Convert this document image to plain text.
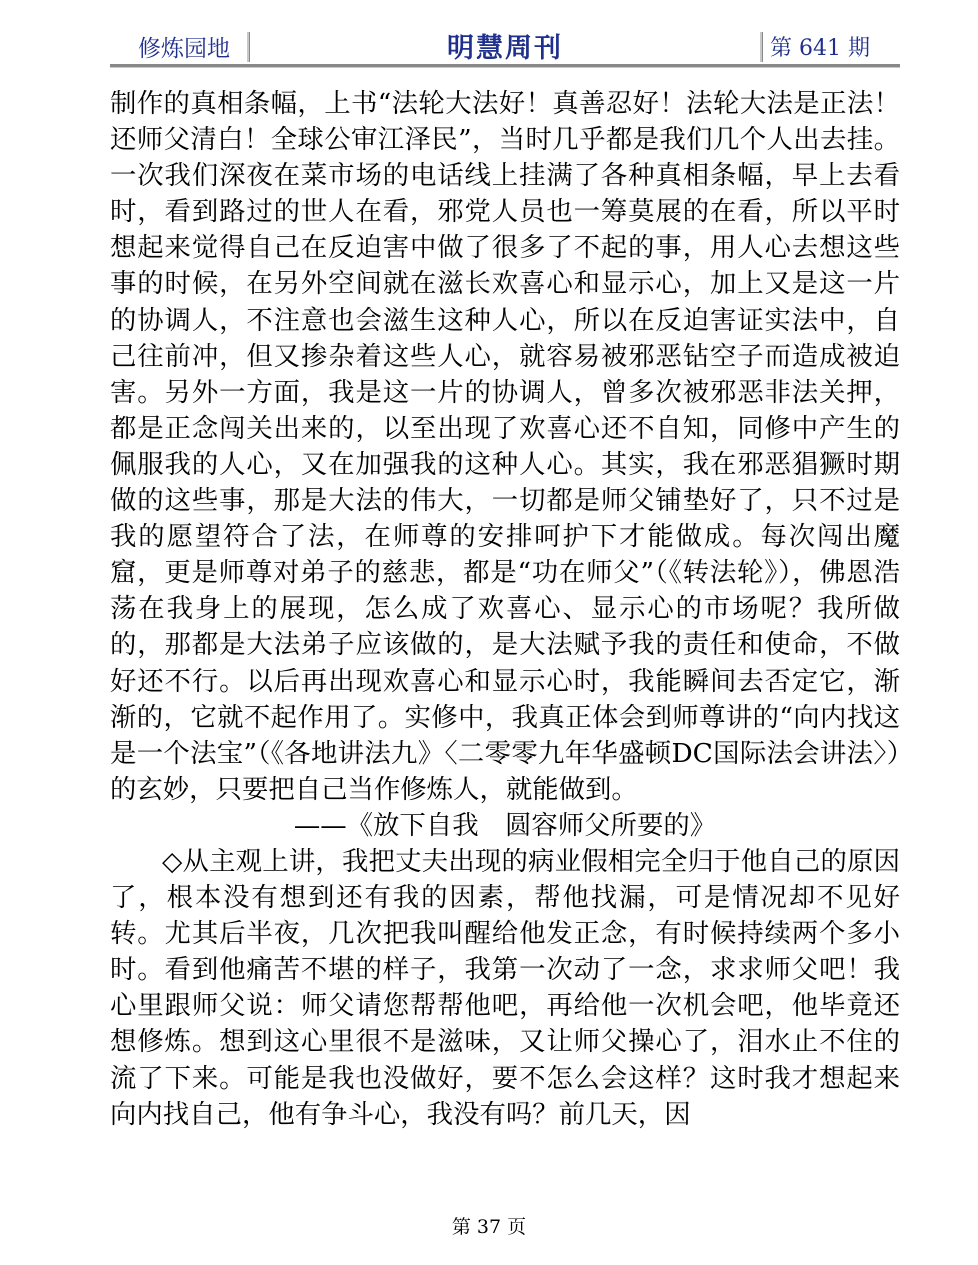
修炼园地	明慧周刊	第 641 期

制作的真相条幅，上书“法轮大法好！真善忍好！法轮大法是正法！还师父清白！全球公审江泽民”，当时几乎都是我们几个人出去挂。一次我们深夜在菜市场的电话线上挂满了各种真相条幅，早上去看时，看到路过的世人在看，邪党人员也一筹莫展的在看，所以平时想起来觉得自己在反迫害中做了很多了不起的事，用人心去想这些事的时候，在另外空间就在滋长欢喜心和显示心，加上又是这一片的协调人，不注意也会滋生这种人心，所以在反迫害证实法中，自己往前冲，但又掺杂着这些人心，就容易被邪恶钻空子而造成被迫害。另外一方面，我是这一片的协调人，曾多次被邪恶非法关押，都是正念闯关出来的，以至出现了欢喜心还不自知，同修中产生的佩服我的人心，又在加强我的这种人心。其实，我在邪恶猖獗时期做的这些事，那是大法的伟大，一切都是师父铺垫好了，只不过是我的愿望符合了法，在师尊的安排呵护下才能做成。每次闯出魔窟，更是师尊对弟子的慈悲，都是“功在师父”（《转法轮》），佛恩浩荡在我身上的展现，怎么成了欢喜心、显示心的市场呢？我所做的，那都是大法弟子应该做的，是大法赋予我的责任和使命，不做好还不行。以后再出现欢喜心和显示心时，我能瞬间去否定它，渐渐的，它就不起作用了。实修中，我真正体会到师尊讲的“向内找这是一个法宝”（《各地讲法九》〈二零零九年华盛顿DC国际法会讲法〉）的玄妙，只要把自己当作修炼人，就能做到。

——《放下自我　圆容师父所要的》

◇从主观上讲，我把丈夫出现的病业假相完全归于他自己的原因了，根本没有想到还有我的因素，帮他找漏，可是情况却不见好转。尤其后半夜，几次把我叫醒给他发正念，有时候持续两个多小时。看到他痛苦不堪的样子，我第一次动了一念，求求师父吧！我心里跟师父说：师父请您帮帮他吧，再给他一次机会吧，他毕竟还想修炼。想到这心里很不是滋味，又让师父操心了，泪水止不住的流了下来。可能是我也没做好，要不怎么会这样？这时我才想起来向内找自己，他有争斗心，我没有吗？前几天，因

第 37 页
